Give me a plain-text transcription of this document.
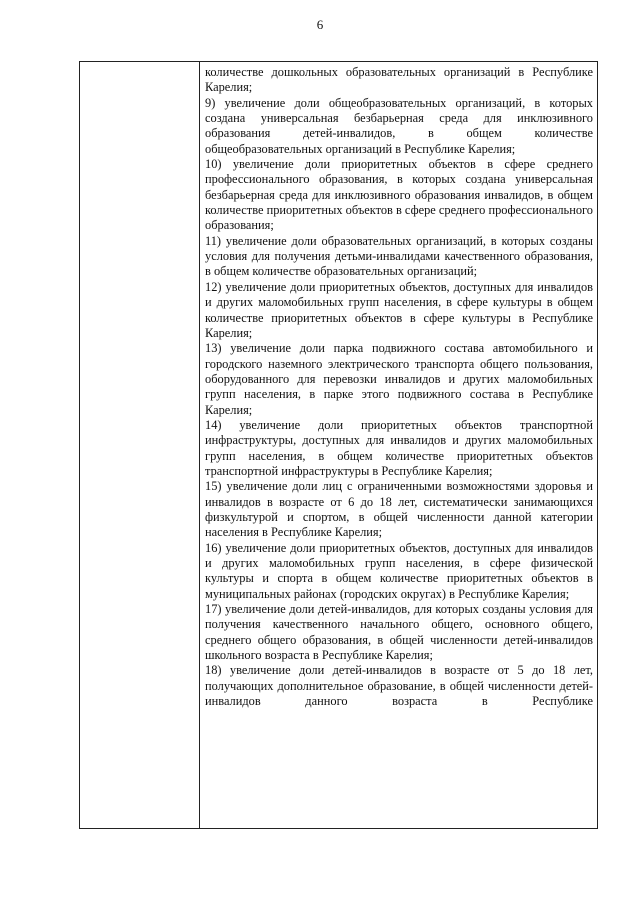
6

количестве дошкольных образовательных организаций в Республике Карелия;

9) увеличение доли общеобразовательных организаций, в которых создана универсальная безбарьерная среда для инклюзивного образования детей-инвалидов, в общем количестве общеобразовательных организаций в Республике Карелия;

10) увеличение доли приоритетных объектов в сфере среднего профессионального образования, в которых создана универсальная безбарьерная среда для инклюзивного образования инвалидов, в общем количестве приоритетных объектов в сфере среднего профессионального образования;

11) увеличение доли образовательных организаций, в которых созданы условия для получения детьми-инвалидами качественного образования, в общем количестве образовательных организаций;

12) увеличение доли приоритетных объектов, доступных для инвалидов и других маломобильных групп населения, в сфере культуры в общем количестве приоритетных объектов в сфере культуры в Республике Карелия;

13) увеличение доли парка подвижного состава автомобильного и городского наземного электрического транспорта общего пользования, оборудованного для перевозки инвалидов и других маломобильных групп населения, в парке этого подвижного состава в Республике Карелия;

14) увеличение доли приоритетных объектов транспортной инфраструктуры, доступных для инвалидов и других маломобильных групп населения, в общем количестве приоритетных объектов транспортной инфраструктуры в Республике Карелия;

15) увеличение доли лиц с ограниченными возможностями здоровья и инвалидов в возрасте от 6 до 18 лет, систематически занимающихся физкультурой и спортом, в общей численности данной категории населения в Республике Карелия;

16) увеличение доли приоритетных объектов, доступных для инвалидов и других маломобильных групп населения, в сфере физической культуры и спорта в общем количестве приоритетных объектов в муниципальных районах (городских округах) в Республике Карелия;

17) увеличение доли детей-инвалидов, для которых созданы условия для получения качественного начального общего, основного общего, среднего общего образования, в общей численности детей-инвалидов школьного возраста в Республике Карелия;

18) увеличение доли детей-инвалидов в возрасте от 5 до 18 лет, получающих дополнительное образование, в общей численности детей-инвалидов данного возраста в Республике
